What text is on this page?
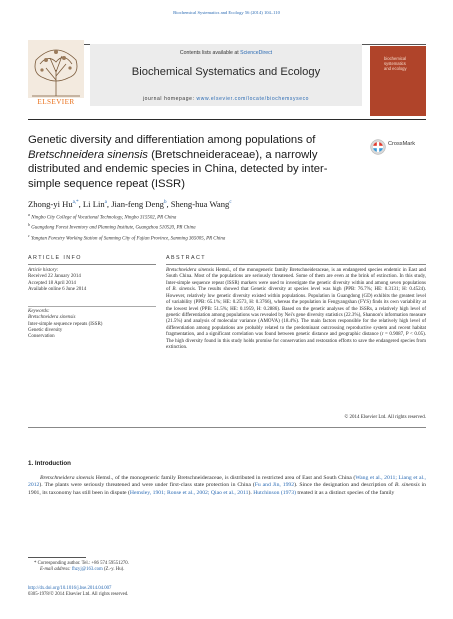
Biochemical Systematics and Ecology 56 (2014) 104–110
ELSEVIER
Contents lists available at ScienceDirect
Biochemical Systematics and Ecology
journal homepage: www.elsevier.com/locate/biochemsyseco
biochemical
systematics
and ecology
Genetic diversity and differentiation among populations of Bretschneidera sinensis (Bretschneideraceae), a narrowly distributed and endemic species in China, detected by inter-simple sequence repeat (ISSR)
CrossMark
Zhong-yi $Hu^{a,*}$, Li Lin$^a$, Jian-feng Deng$^b$, Sheng-hua Wang$^c$
$^a$ Ningbo City College of Vocational Technology, Ningbo 315502, PR China
$^b$ Guangdong Forest Inventory and Planning Institute, Guangzhou 510520, PR China
$^c$ Yangtan Forestry Working Station of Sanming City of Fujian Province, Sanming 365005, PR China
ARTICLE INFO	ABSTRACT
Article history:
Received 22 January 2014
Accepted 18 April 2014
Available online 6 June 2014
Keywords:
Bretschneidera sinensis
Inter-simple sequence repeats (ISSR)
Genetic diversity
Conservation
Bretschneidera sinensis Hemsl., of the monogeneric family Bretschneideraceae, is an endangered species endemic in East and South China. Most of the populations are seriously threatened. Some of them are even at the brink of extinction. In this study, Inter-simple sequence repeat (ISSR) markers were used to investigate the genetic diversity within and among seven populations of B. sinensis. The results showed that Genetic diversity at species level was high (PPB: 76.7%; HE: 0.3131; H: 0.4524). However, relatively low genetic diversity existed within populations. Population in Guangdong (GD) exhibits the greatest level of variability (PPB: 65.1%; HE: 0.2573, H: 0.3766), whereas the population in Fengyangshan (FYS) finds its own variability at the lowest level (PPB: 51.5%; HE: 0.1959, H: 0.2886). Based on the genetic analyses of the ISSRs, a relatively high level of genetic differentiation among populations was revealed by Nei's gene diversity statistics (22.3%), Shannon's information measure (21.5%) and analysis of molecular variance (AMOVA) (18.4%). The main factors responsible for the relatively high level of differentiation among populations are probably related to the predominant outcrossing reproductive system and recent habitat fragmentation, and a significant correlation was found between genetic distance and geographic distance (r = 0.9087, P < 0.05). The high diversity found in this study holds promise for conservation and restoration efforts to save the endangered species from extinction.
© 2014 Elsevier Ltd. All rights reserved.
1. Introduction
Bretschneidera sinensis Hemsl., of the monogeneric family Bretschneideraceae, is distributed in restricted area of East and South China (Wang et al., 2011; Liang et al., 2012). The plants were seriously threatened and were under first-class state protection in China (Fu and Jin, 1992). Since the designation and description of B. sinensis in 1901, its taxonomy has still been in dispute (Hemsley, 1901; Ronse et al., 2002; Qiao et al., 2011). Hutchinson (1973) treated it as a distinct species of the family
* Corresponding author. Tel.: +86 574 59551270.
E-mail address: fhzyj@163.com (Z.-y. Hu).
http://dx.doi.org/10.1016/j.bse.2014.04.007
0305-1978/© 2014 Elsevier Ltd. All rights reserved.
